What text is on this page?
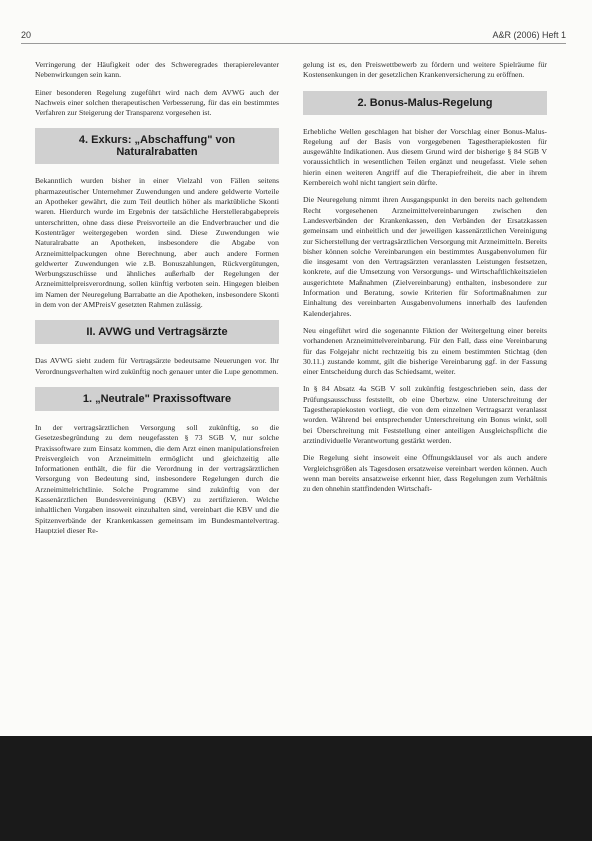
20	A&R (2006) Heft 1

Verringerung der Häufigkeit oder des Schweregrades therapierelevanter Nebenwirkungen sein kann.

Einer besonderen Regelung zugeführt wird nach dem AVWG auch der Nachweis einer solchen therapeutischen Verbesserung, für das ein bestimmtes Verfahren zur Steigerung der Transparenz vorgesehen ist.

4. Exkurs: „Abschaffung" von Naturalrabatten

Bekanntlich wurden bisher in einer Vielzahl von Fällen seitens pharmazeutischer Unternehmer Zuwendungen und andere geldwerte Vorteile an Apotheker gewährt, die zum Teil deutlich höher als marktübliche Skonti waren. Hierdurch wurde im Ergebnis der tatsächliche Herstellerabgabepreis unterschritten, ohne dass diese Preisvorteile an die Endverbraucher und die Kostenträger weitergegeben worden sind. Diese Zuwendungen wie Naturalrabatte an Apotheken, insbesondere die Abgabe von Arzneimittelpackungen ohne Berechnung, aber auch andere Formen geldwerter Zuwendungen wie z.B. Bonuszahlungen, Rückvergütungen, Werbungszuschüsse und ähnliches außerhalb der Regelungen der Arzneimittelpreisverordnung, sollen künftig verboten sein. Hingegen bleiben im Namen der Neuregelung Barrabatte an die Apotheken, insbesondere Skonti in dem von der AMPreisV gesetzten Rahmen zulässig.

II. AVWG und Vertragsärzte

Das AVWG sieht zudem für Vertragsärzte bedeutsame Neuerungen vor. Ihr Verordnungsverhalten wird zukünftig noch genauer unter die Lupe genommen.

1. „Neutrale" Praxissoftware

In der vertragsärztlichen Versorgung soll zukünftig, so die Gesetzesbegründung zu dem neugefassten § 73 SGB V, nur solche Praxissoftware zum Einsatz kommen, die dem Arzt einen manipulationsfreien Preisvergleich von Arzneimitteln ermöglicht und gleichzeitig alle Informationen enthält, die für die Verordnung in der vertragsärztlichen Versorgung von Bedeutung sind, insbesondere Regelungen durch die Arzneimittelrichtlinie. Solche Programme sind zukünftig von der Kassenärztlichen Bundesvereinigung (KBV) zu zertifizieren. Welche inhaltlichen Vorgaben insoweit einzuhalten sind, vereinbart die KBV und die Spitzenverbände der Krankenkassen gemeinsam im Bundesmantelvertrag. Hauptziel dieser Re-

gelung ist es, den Preiswettbewerb zu fördern und weitere Spielräume für Kostensenkungen in der gesetzlichen Krankenversicherung zu eröffnen.

2. Bonus-Malus-Regelung

Erhebliche Wellen geschlagen hat bisher der Vorschlag einer Bonus-Malus-Regelung auf der Basis von vorgegebenen Tagestherapiekosten für ausgewählte Indikationen. Aus diesem Grund wird der bisherige § 84 SGB V voraussichtlich in wesentlichen Teilen ergänzt und neugefasst. Viele sehen hierin einen weiteren Angriff auf die Therapiefreiheit, die aber in ihrem Kernbereich wohl nicht tangiert sein dürfte.

Die Neuregelung nimmt ihren Ausgangspunkt in den bereits nach geltendem Recht vorgesehenen Arzneimittelvereinbarungen zwischen den Landesverbänden der Krankenkassen, den Verbänden der Ersatzkassen gemeinsam und einheitlich und der jeweiligen kassenärztlichen Vereinigung zur Sicherstellung der vertragsärztlichen Versorgung mit Arzneimitteln. Bereits bisher können solche Vereinbarungen ein bestimmtes Ausgabenvolumen für die insgesamt von den Vertragsärzten veranlassten Leistungen festsetzen, konkrete, auf die Umsetzung von Versorgungs- und Wirtschaftlichkeitszielen ausgerichtete Maßnahmen (Zielvereinbarung) enthalten, insbesondere zur Information und Beratung, sowie Kriterien für Sofortmaßnahmen zur Einhaltung des vereinbarten Ausgabenvolumens innerhalb des laufenden Kalenderjahres.

Neu eingeführt wird die sogenannte Fiktion der Weitergeltung einer bereits vorhandenen Arzneimittelvereinbarung. Für den Fall, dass eine Vereinbarung für das Folgejahr nicht rechtzeitig bis zu einem bestimmten Stichtag (den 30.11.) zustande kommt, gilt die bisherige Vereinbarung ggf. in der Fassung einer Entscheidung durch das Schiedsamt, weiter.

In § 84 Absatz 4a SGB V soll zukünftig festgeschrieben sein, dass der Prüfungsausschuss feststellt, ob eine Überbzw. eine Unterschreitung der Tagestherapiekosten vorliegt, die von dem einzelnen Vertragsarzt veranlasst worden. Während bei entsprechender Unterschreitung ein Bonus winkt, soll bei Überschreitung mit Feststellung einer anteiligen Ausgleichspflicht die arztindividuelle Verantwortung gestärkt werden.

Die Regelung sieht insoweit eine Öffnungsklausel vor als auch andere Vergleichsgrößen als Tagesdosen ersatzweise vereinbart werden können. Auch wenn man bereits ansatzweise erkennt hier, dass Regelungen zum Verhältnis zu den ohnehin stattfindenden Wirtschaft-
